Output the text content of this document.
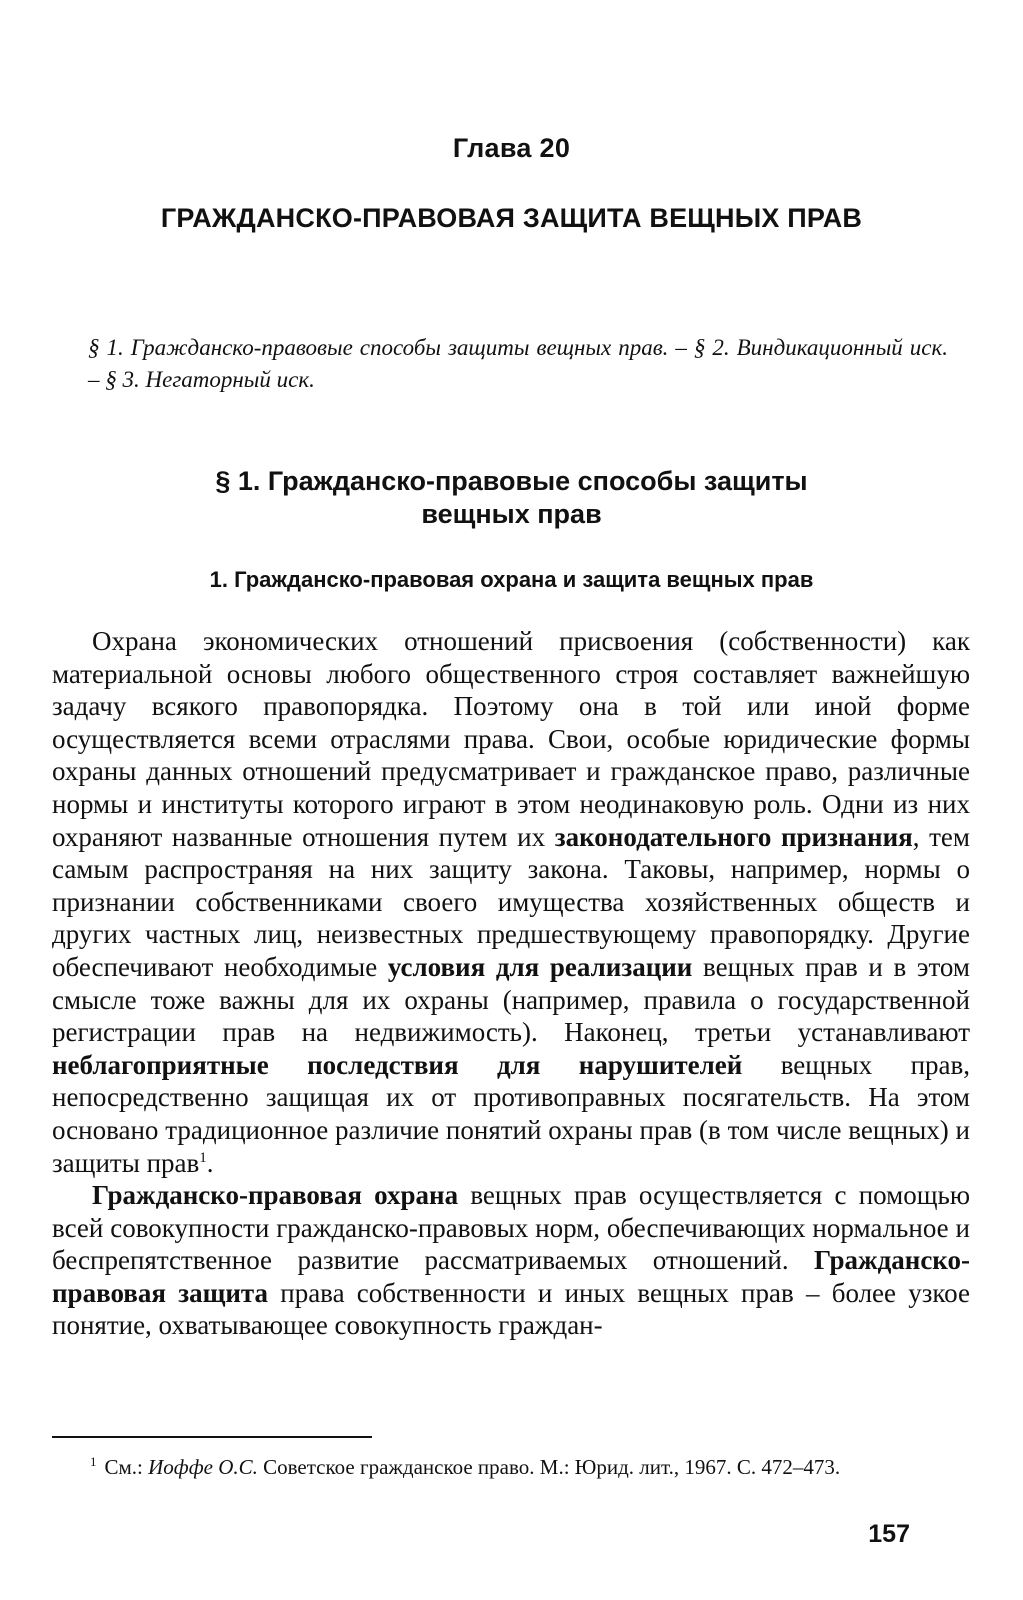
Глава 20
ГРАЖДАНСКО-ПРАВОВАЯ ЗАЩИТА ВЕЩНЫХ ПРАВ
§ 1. Гражданско-правовые способы защиты вещных прав. – § 2. Виндикационный иск. – § 3. Негаторный иск.
§ 1. Гражданско-правовые способы защиты
вещных прав
1. Гражданско-правовая охрана и защита вещных прав

Охрана экономических отношений присвоения (собственности) как материальной основы любого общественного строя составляет важнейшую задачу всякого правопорядка. Поэтому она в той или иной форме осуществляется всеми отраслями права. Свои, особые юридические формы охраны данных отношений предусматривает и гражданское право, различные нормы и институты которого играют в этом неодинаковую роль. Одни из них охраняют названные отношения путем их законодательного признания, тем самым распространяя на них защиту закона. Таковы, например, нормы о признании собственниками своего имущества хозяйственных обществ и других частных лиц, неизвестных предшествующему правопорядку. Другие обеспечивают необходимые условия для реализации вещных прав и в этом смысле тоже важны для их охраны (например, правила о государственной регистрации прав на недвижимость). Наконец, третьи устанавливают неблагоприятные последствия для нарушителей вещных прав, непосредственно защищая их от противоправных посягательств. На этом основано традиционное различие понятий охраны прав (в том числе вещных) и защиты прав$^1$.

Гражданско-правовая охрана вещных прав осуществляется с помощью всей совокупности гражданско-правовых норм, обеспечивающих нормальное и беспрепятственное развитие рассматриваемых отношений. Гражданско-правовая защита права собственности и иных вещных прав – более узкое понятие, охватывающее совокупность граждан-

$^1$ См.: Иоффе О.С. Советское гражданское право. М.: Юрид. лит., 1967. С. 472–473.
157
